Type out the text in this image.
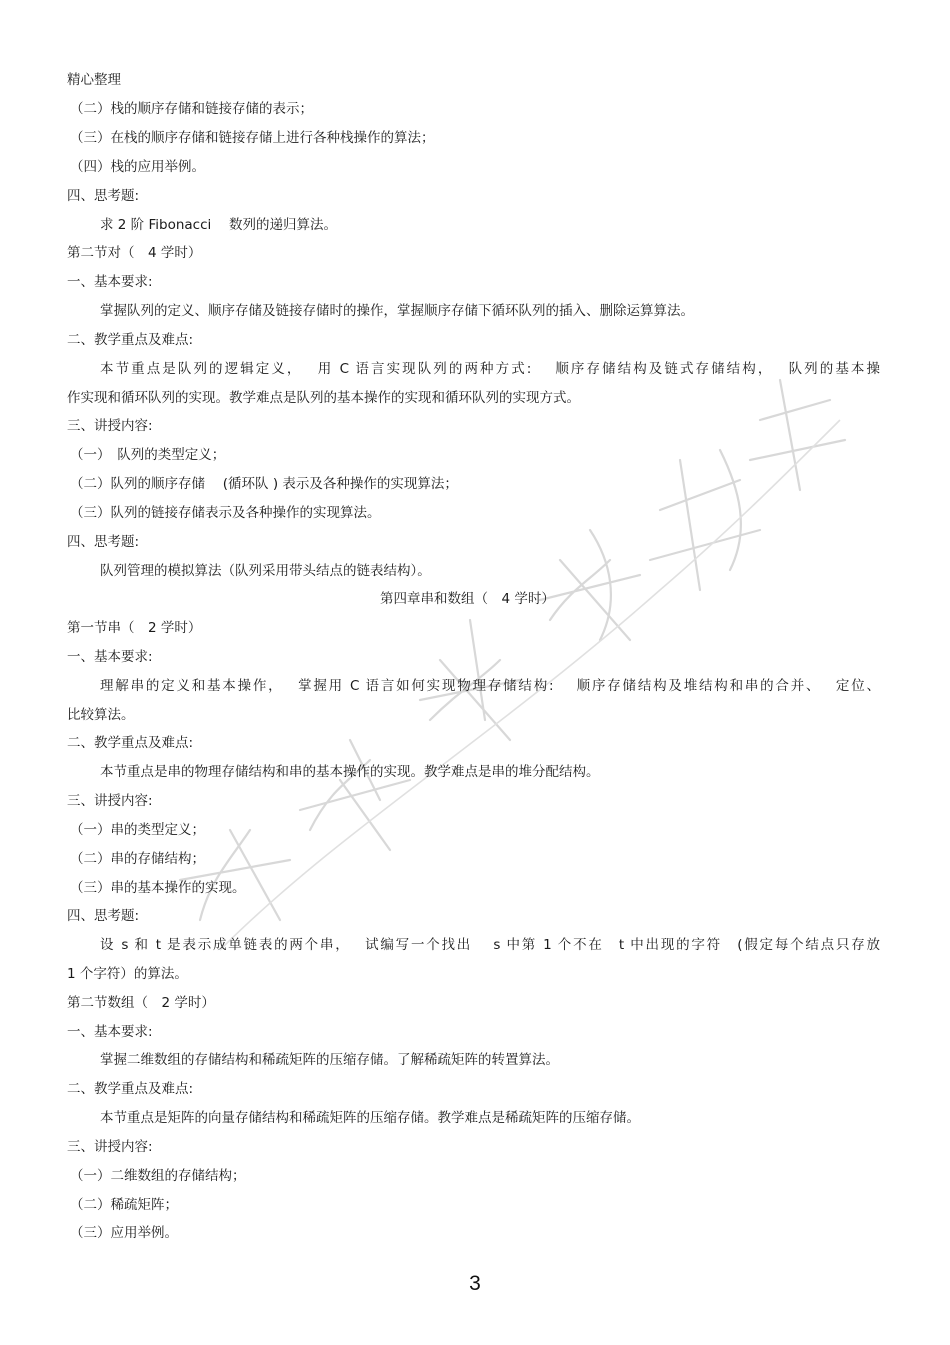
精心整理
（二）栈的顺序存储和链接存储的表示；
（三）在栈的顺序存储和链接存储上进行各种栈操作的算法；
（四）栈的应用举例。
四、思考题:
求 2 阶 Fibonacci　 数列的递归算法。
第二节对（　4 学时）
一、基本要求:
掌握队列的定义、顺序存储及链接存储时的操作，掌握顺序存储下循环队列的插入、删除运算算法。
二、教学重点及难点:
本节重点是队列的逻辑定义，　 用 C 语言实现队列的两种方式:　 顺序存储结构及链式存储结构，　 队列的基本操
作实现和循环队列的实现。教学难点是队列的基本操作的实现和循环队列的实现方式。
三、讲授内容:
（一）　队列的类型定义；
（二）队列的顺序存储　 (循环队 ) 表示及各种操作的实现算法；
（三）队列的链接存储表示及各种操作的实现算法。
四、思考题:
队列管理的模拟算法（队列采用带头结点的链表结构）。
第四章串和数组（　4 学时）
第一节串（　2 学时）
一、基本要求:
理解串的定义和基本操作，　 掌握用 C 语言如何实现物理存储结构:　 顺序存储结构及堆结构和串的合并、　 定位、
比较算法。
二、教学重点及难点:
本节重点是串的物理存储结构和串的基本操作的实现。教学难点是串的堆分配结构。
三、讲授内容:
（一）串的类型定义；
（二）串的存储结构；
（三）串的基本操作的实现。
四、思考题:
设 s 和 t 是表示成单链表的两个串，　 试编写一个找出　 s 中第 1 个不在　t 中出现的字符　(假定每个结点只存放
1 个字符）的算法。
第二节数组（　2 学时）
一、基本要求:
掌握二维数组的存储结构和稀疏矩阵的压缩存储。了解稀疏矩阵的转置算法。
二、教学重点及难点:
本节重点是矩阵的向量存储结构和稀疏矩阵的压缩存储。教学难点是稀疏矩阵的压缩存储。
三、讲授内容:
（一）二维数组的存储结构；
（二）稀疏矩阵；
（三）应用举例。
3
